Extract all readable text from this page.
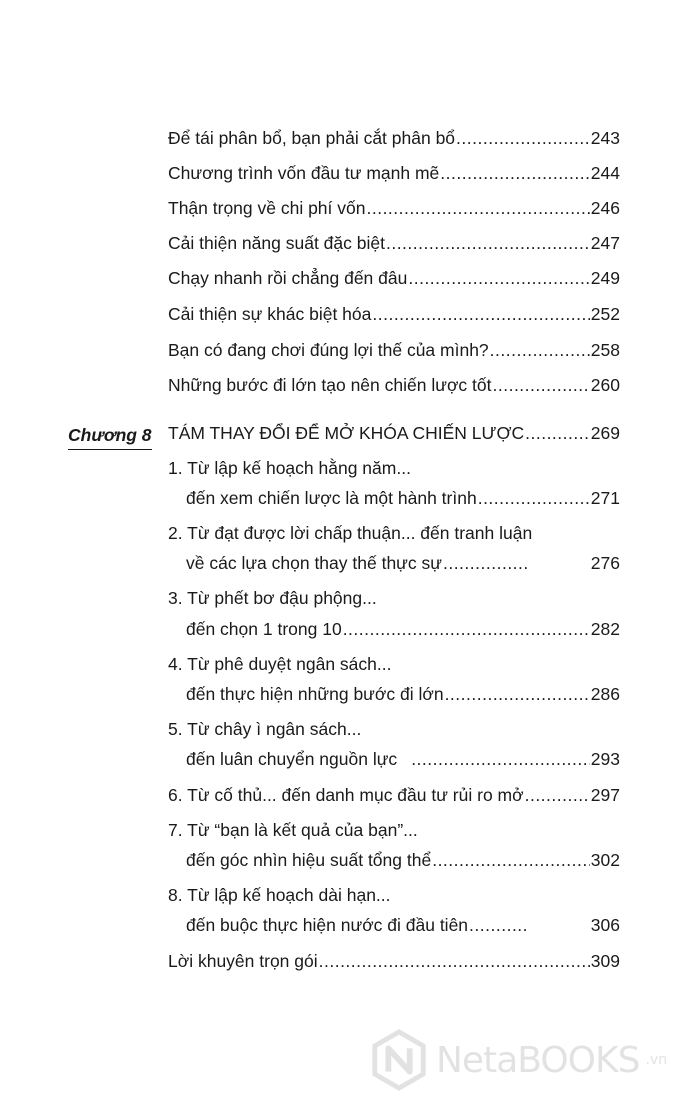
Để tái phân bổ, bạn phải cắt phân bổ .....	243
Chương trình vốn đầu tư mạnh mẽ .....	244
Thận trọng về chi phí vốn .....	246
Cải thiện năng suất đặc biệt .....	247
Chạy nhanh rồi chẳng đến đâu .....	249
Cải thiện sự khác biệt hóa .....	252
Bạn có đang chơi đúng lợi thế của mình? .....	258
Những bước đi lớn tạo nên chiến lược tốt .....	260
Chương 8 TÁM THAY ĐỔI ĐỂ MỞ KHÓA CHIẾN LƯỢC .....	269
1. Từ lập kế hoạch hằng năm...
đến xem chiến lược là một hành trình .....	271
2. Từ đạt được lời chấp thuận... đến tranh luận
về các lựa chọn thay thế thực sự .....	276
3. Từ phết bơ đậu phộng...
đến chọn 1 trong 10 .....	282
4. Từ phê duyệt ngân sách...
đến thực hiện những bước đi lớn .....	286
5. Từ chây ì ngân sách...
đến luân chuyển nguồn lực .....	293
6. Từ cố thủ... đến danh mục đầu tư rủi ro mở .....	297
7. Từ “bạn là kết quả của bạn”...
đến góc nhìn hiệu suất tổng thể .....	302
8. Từ lập kế hoạch dài hạn...
đến buộc thực hiện nước đi đầu tiên .....	306
Lời khuyên trọn gói .....	309
NetaBOOKS .vn
